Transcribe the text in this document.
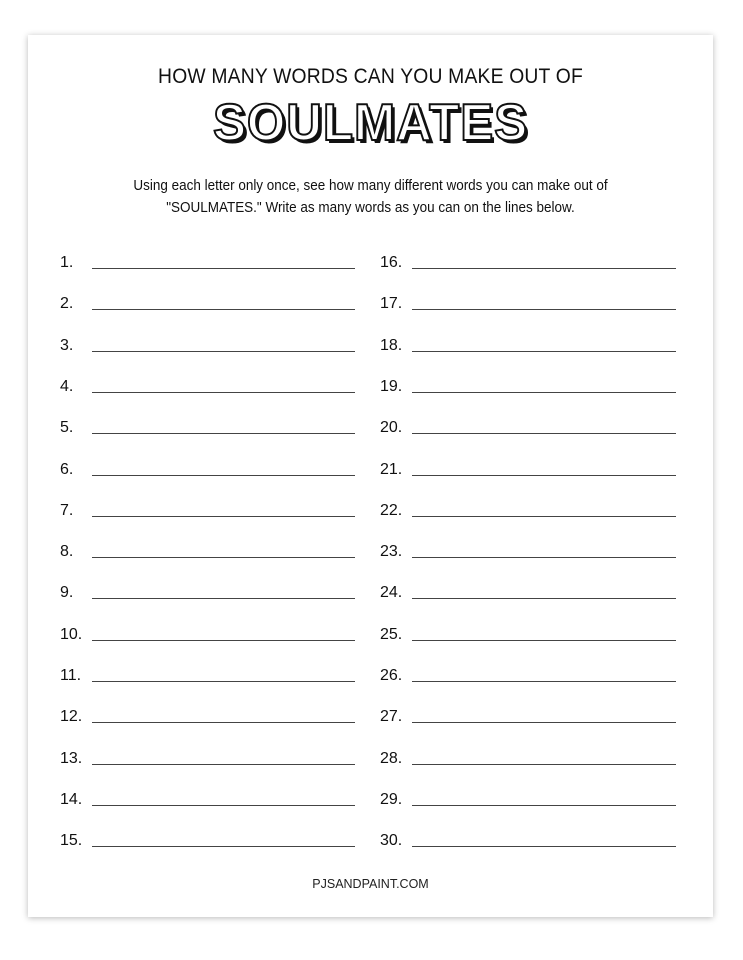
HOW MANY WORDS CAN YOU MAKE OUT OF
SOULMATES
Using each letter only once, see how many different words you can make out of
"SOULMATES." Write as many words as you can on the lines below.
PJSANDPAINT.COM
1.
2.
3.
4.
5.
6.
7.
8.
9.
10.
11.
12.
13.
14.
15.
16.
17.
18.
19.
20.
21.
22.
23.
24.
25.
26.
27.
28.
29.
30.
